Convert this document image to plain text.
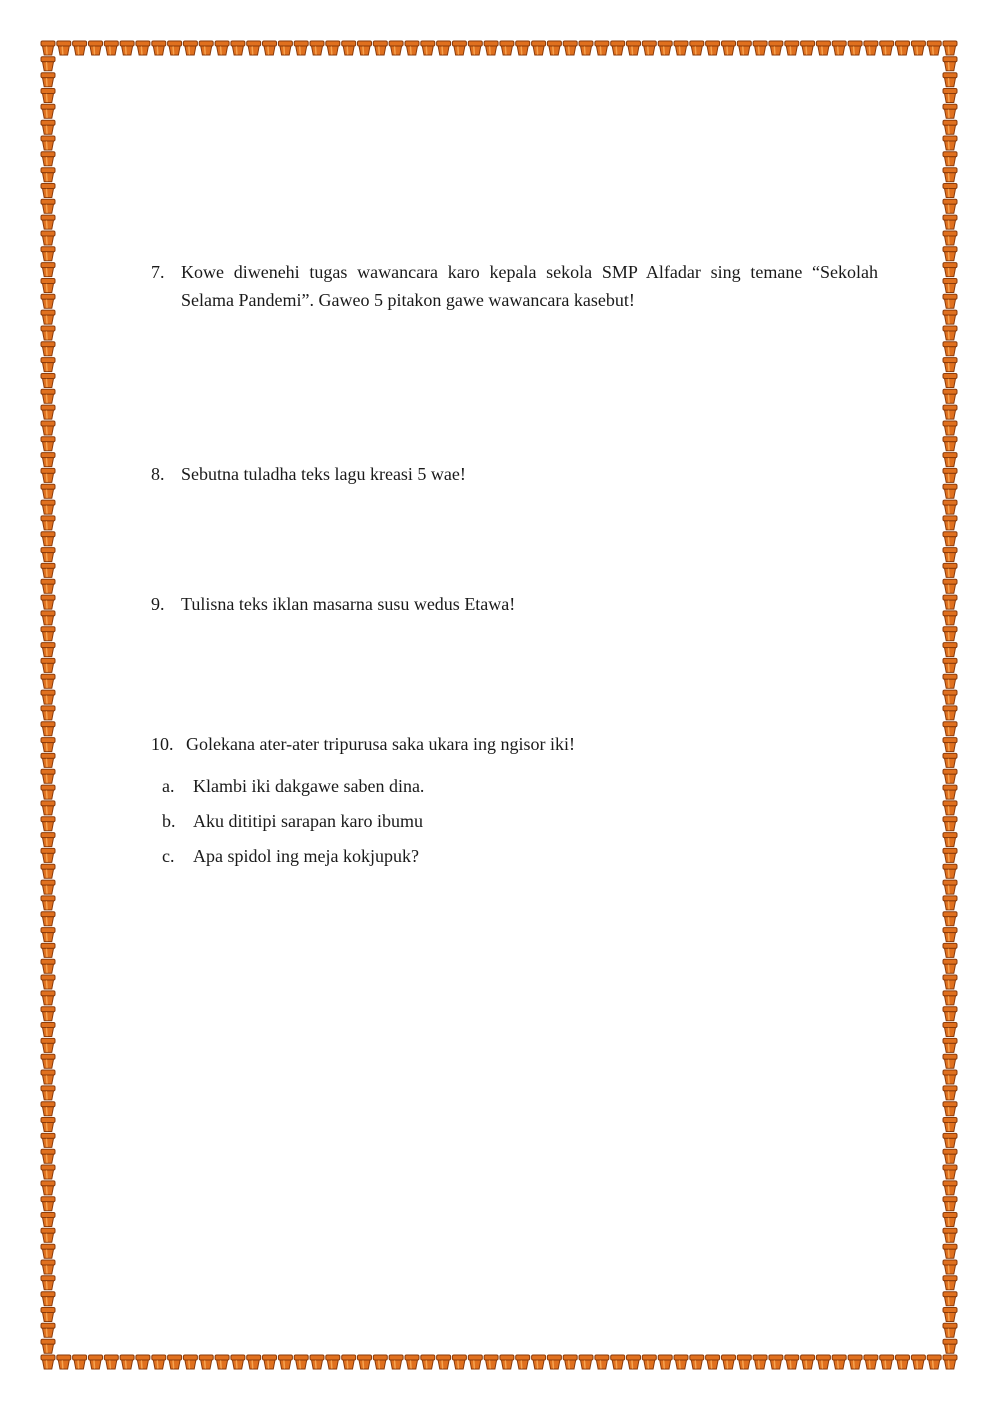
7. Kowe diwenehi tugas wawancara karo kepala sekola SMP Alfadar sing temane “Sekolah Selama Pandemi”. Gaweo 5 pitakon gawe wawancara kasebut!
8. Sebutna tuladha teks lagu kreasi 5 wae!
9. Tulisna teks iklan masarna susu wedus Etawa!
10. Golekana ater-ater tripurusa saka ukara ing ngisor iki!
a. Klambi iki dakgawe saben dina.
b. Aku dititipi sarapan karo ibumu
c. Apa spidol ing meja kokjupuk?
